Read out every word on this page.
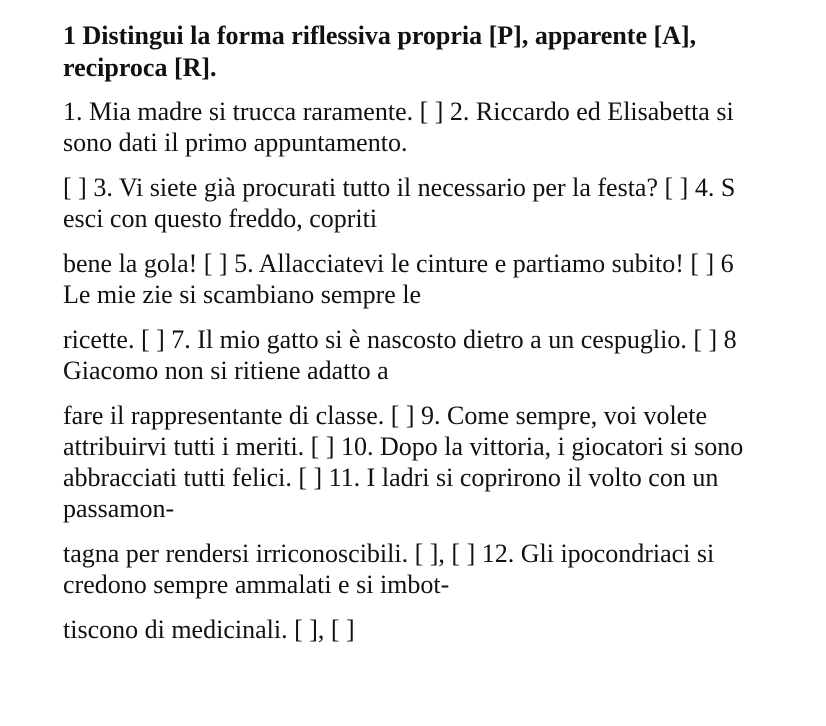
1 Distingui la forma riflessiva propria [P], apparente [A], reciproca [R].
1. Mia madre si trucca raramente. [ ] 2. Riccardo ed Elisabetta si
sono dati il primo appuntamento.
[ ] 3. Vi siete già procurati tutto il necessario per la festa? [ ] 4. S
esci con questo freddo, copriti
bene la gola! [ ] 5. Allacciatevi le cinture e partiamo subito! [ ] 6
Le mie zie si scambiano sempre le
ricette. [ ] 7. Il mio gatto si è nascosto dietro a un cespuglio. [ ] 8
Giacomo non si ritiene adatto a
fare il rappresentante di classe. [ ] 9. Come sempre, voi volete
attribuirvi tutti i meriti. [ ] 10. Dopo la vittoria, i giocatori si sono
abbracciati tutti felici. [ ] 11. I ladri si coprirono il volto con un
passamon-
tagna per rendersi irriconoscibili. [ ], [ ] 12. Gli ipocondriaci si
credono sempre ammalati e si imbot-
tiscono di medicinali. [ ], [ ]
